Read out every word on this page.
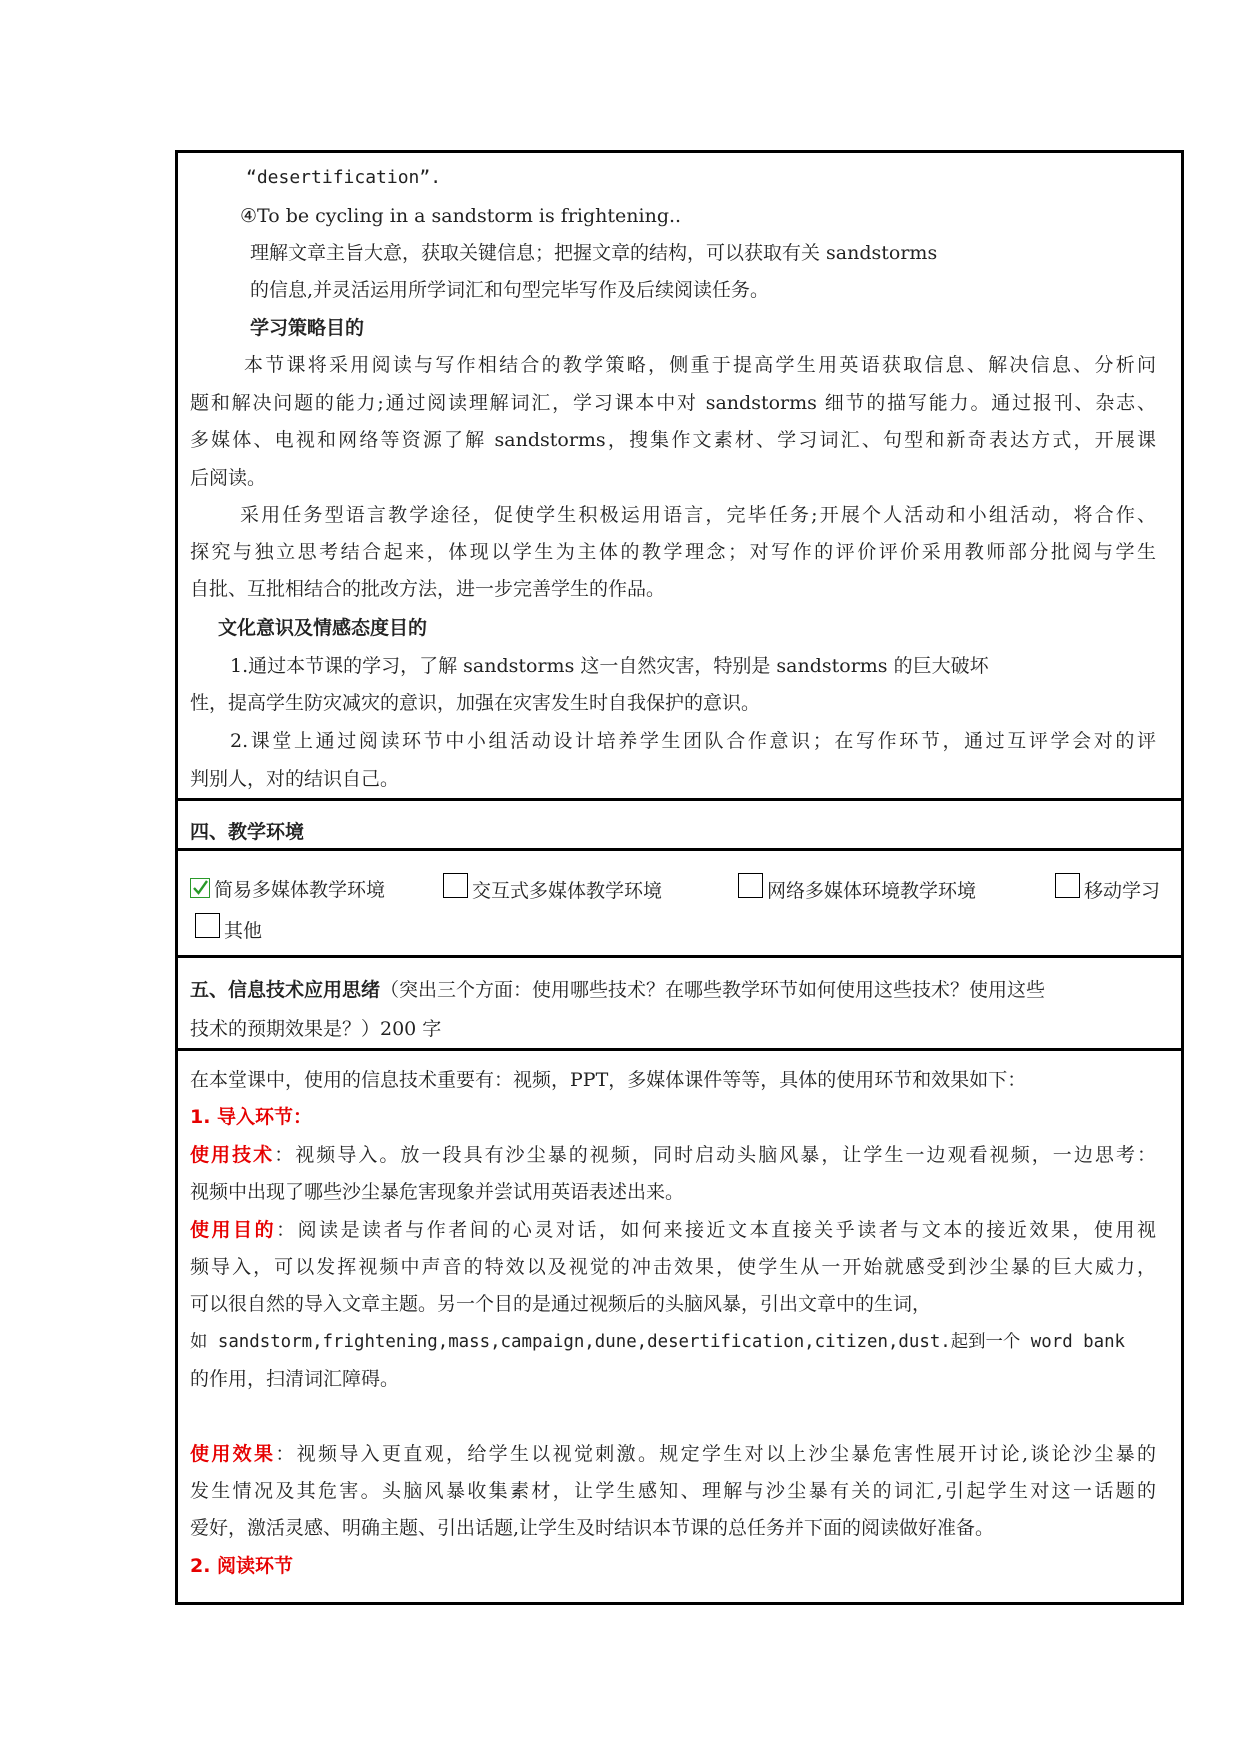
“desertification”.
④To be cycling in a sandstorm is frightening..
理解文章主旨大意，获取关键信息；把握文章的结构，可以获取有关 sandstorms
的信息,并灵活运用所学词汇和句型完毕写作及后续阅读任务。
学习策略目的
本节课将采用阅读与写作相结合的教学策略，侧重于提高学生用英语获取信息、解决信息、分析问
题和解决问题的能力;通过阅读理解词汇，学习课本中对 sandstorms 细节的描写能力。通过报刊、杂志、
多媒体、电视和网络等资源了解 sandstorms，搜集作文素材、学习词汇、句型和新奇表达方式，开展课
后阅读。
采用任务型语言教学途径，促使学生积极运用语言，完毕任务;开展个人活动和小组活动，将合作、
探究与独立思考结合起来，体现以学生为主体的教学理念；对写作的评价评价采用教师部分批阅与学生
自批、互批相结合的批改方法，进一步完善学生的作品。
文化意识及情感态度目的
1.通过本节课的学习，了解 sandstorms 这一自然灾害，特别是 sandstorms 的巨大破坏
性，提高学生防灾减灾的意识，加强在灾害发生时自我保护的意识。
2.课堂上通过阅读环节中小组活动设计培养学生团队合作意识；在写作环节，通过互评学会对的评
判别人，对的结识自己。
四、教学环境
简易多媒体教学环境	交互式多媒体教学环境	网络多媒体环境教学环境	移动学习
其他
五、信息技术应用思绪（突出三个方面：使用哪些技术？在哪些教学环节如何使用这些技术？使用这些
技术的预期效果是？）200 字
在本堂课中，使用的信息技术重要有：视频，PPT，多媒体课件等等，具体的使用环节和效果如下：
1. 导入环节：
使用技术：视频导入。放一段具有沙尘暴的视频，同时启动头脑风暴，让学生一边观看视频，一边思考：
视频中出现了哪些沙尘暴危害现象并尝试用英语表述出来。
使用目的：阅读是读者与作者间的心灵对话，如何来接近文本直接关乎读者与文本的接近效果，使用视
频导入，可以发挥视频中声音的特效以及视觉的冲击效果，使学生从一开始就感受到沙尘暴的巨大威力，
可以很自然的导入文章主题。另一个目的是通过视频后的头脑风暴，引出文章中的生词，
如 sandstorm,frightening,mass,campaign,dune,desertification,citizen,dust.起到一个 word bank
的作用，扫清词汇障碍。
使用效果：视频导入更直观，给学生以视觉刺激。规定学生对以上沙尘暴危害性展开讨论,谈论沙尘暴的
发生情况及其危害。头脑风暴收集素材，让学生感知、理解与沙尘暴有关的词汇,引起学生对这一话题的
爱好，激活灵感、明确主题、引出话题,让学生及时结识本节课的总任务并下面的阅读做好准备。
2. 阅读环节
